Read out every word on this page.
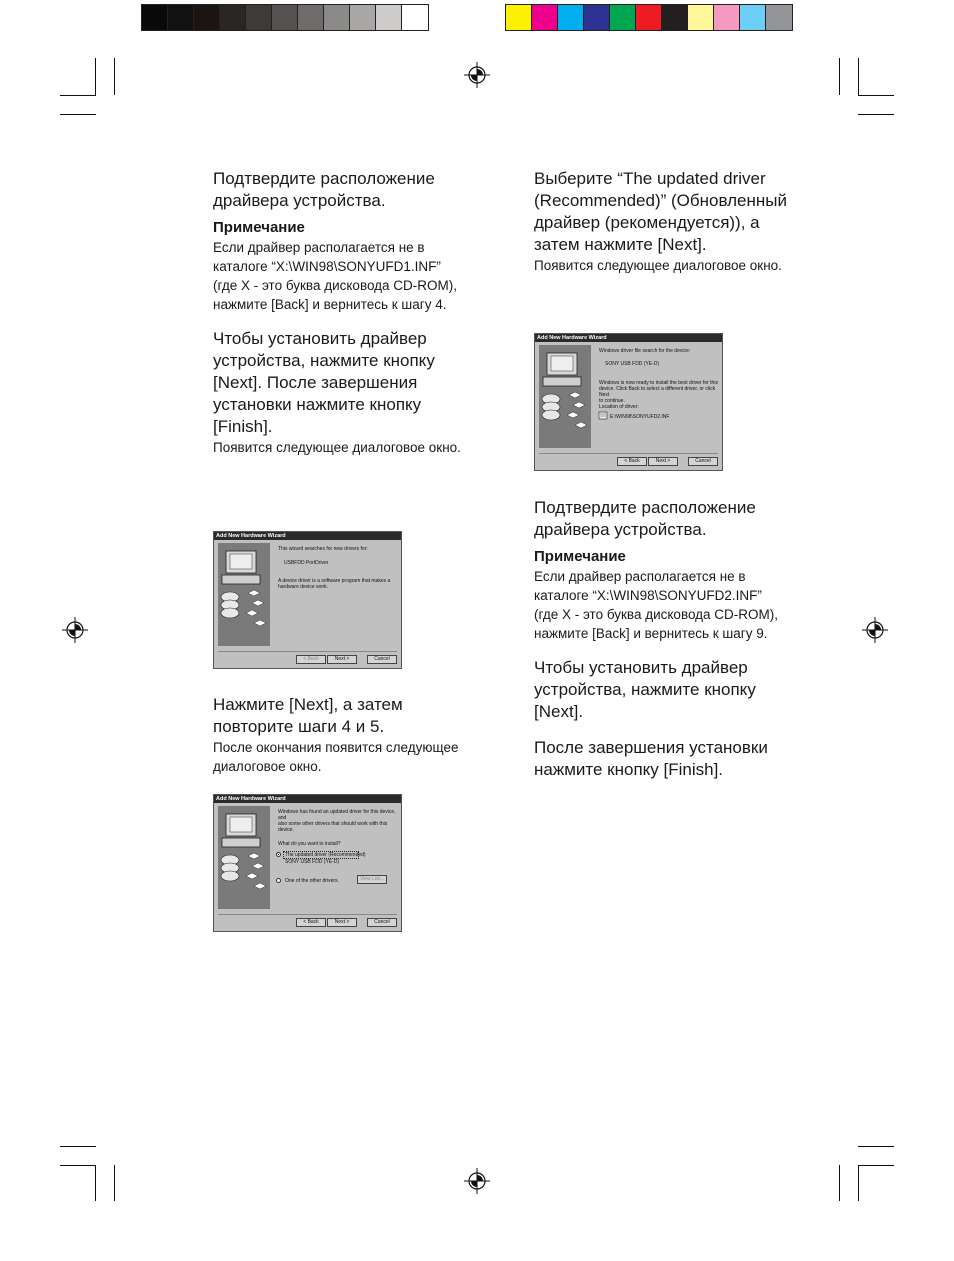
Подтвердите расположение драйвера устройства.

Примечание

Если драйвер располагается не в каталоге “X:\WIN98\SONYUFD1.INF” (где X - это буква дисковода CD-ROM), нажмите [Back] и вернитесь к шагу 4.

Чтобы установить драйвер устройства, нажмите кнопку [Next]. После завершения установки нажмите кнопку [Finish].

Появится следующее диалоговое окно.

Нажмите [Next], а затем повторите шаги 4 и 5.

После окончания появится следующее диалоговое окно.

Выберите “The updated driver (Recommended)” (Обновленный драйвер (рекомендуется)), а затем нажмите [Next].

Появится следующее диалоговое окно.

Подтвердите расположение драйвера устройства.

Примечание

Если драйвер располагается не в каталоге “X:\WIN98\SONYUFD2.INF” (где X - это буква дисковода CD-ROM), нажмите [Back] и вернитесь к шагу 9.

Чтобы установить драйвер устройства, нажмите кнопку [Next].

После завершения установки нажмите кнопку [Finish].

Add New Hardware Wizard
This wizard searches for new drivers for:
USBFDD PortDriver
A device driver is a software program that makes a
hardware device work.
< Back	Next >	Cancel
Add New Hardware Wizard
Windows has found an updated driver for this device, and
also some other drivers that should work with this device.
What do you want to install?
The updated driver (Recommended)
SONY USB FDD (YE-D)
One of the other drivers.	View List...
< Back	Next >	Cancel
Add New Hardware Wizard
Windows driver file search for the device:
SONY USB FDD (YE-D)
Windows is now ready to install the best driver for this
device. Click Back to select a different driver, or click Next
to continue.
Location of driver:
E:\WIN98\SONYUFD2.INF
< Back	Next >	Cancel
